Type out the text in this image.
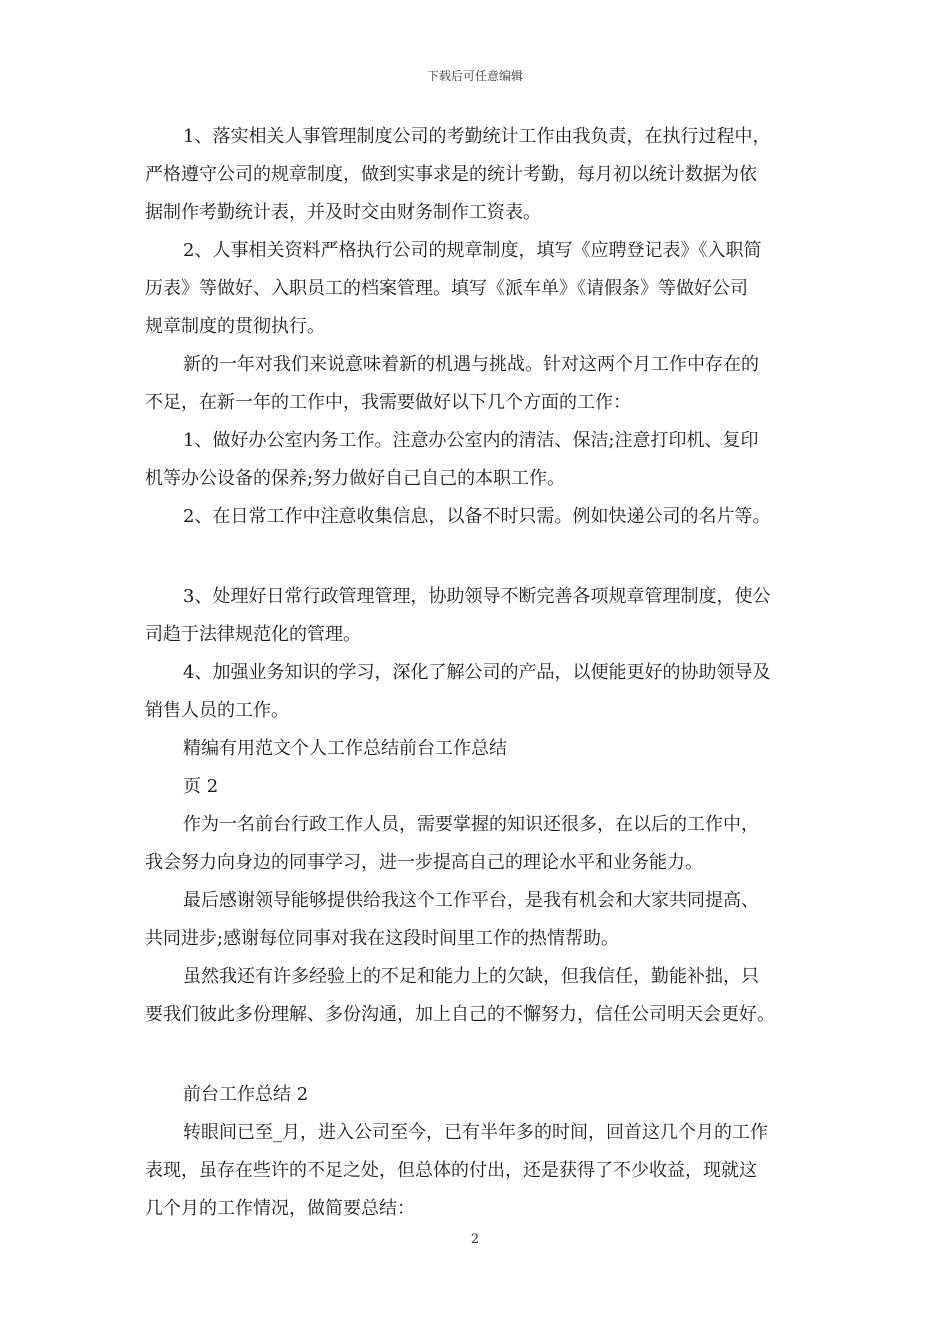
下载后可任意编辑
1、落实相关人事管理制度公司的考勤统计工作由我负责，在执行过程中，
严格遵守公司的规章制度，做到实事求是的统计考勤，每月初以统计数据为依
据制作考勤统计表，并及时交由财务制作工资表。
2、人事相关资料严格执行公司的规章制度，填写《应聘登记表》《入职简
历表》等做好、入职员工的档案管理。填写《派车单》《请假条》等做好公司
规章制度的贯彻执行。
新的一年对我们来说意味着新的机遇与挑战。针对这两个月工作中存在的
不足，在新一年的工作中，我需要做好以下几个方面的工作：
1、做好办公室内务工作。注意办公室内的清洁、保洁;注意打印机、复印
机等办公设备的保养;努力做好自己自己的本职工作。
2、在日常工作中注意收集信息，以备不时只需。例如快递公司的名片等。
3、处理好日常行政管理管理，协助领导不断完善各项规章管理制度，使公
司趋于法律规范化的管理。
4、加强业务知识的学习，深化了解公司的产品，以便能更好的协助领导及
销售人员的工作。
精编有用范文个人工作总结前台工作总结
页 2
作为一名前台行政工作人员，需要掌握的知识还很多，在以后的工作中，
我会努力向身边的同事学习，进一步提高自己的理论水平和业务能力。
最后感谢领导能够提供给我这个工作平台，是我有机会和大家共同提高、
共同进步;感谢每位同事对我在这段时间里工作的热情帮助。
虽然我还有许多经验上的不足和能力上的欠缺，但我信任，勤能补拙，只
要我们彼此多份理解、多份沟通，加上自己的不懈努力，信任公司明天会更好。
前台工作总结 2
转眼间已至_月，进入公司至今，已有半年多的时间，回首这几个月的工作
表现，虽存在些许的不足之处，但总体的付出，还是获得了不少收益，现就这
几个月的工作情况，做简要总结：
2
